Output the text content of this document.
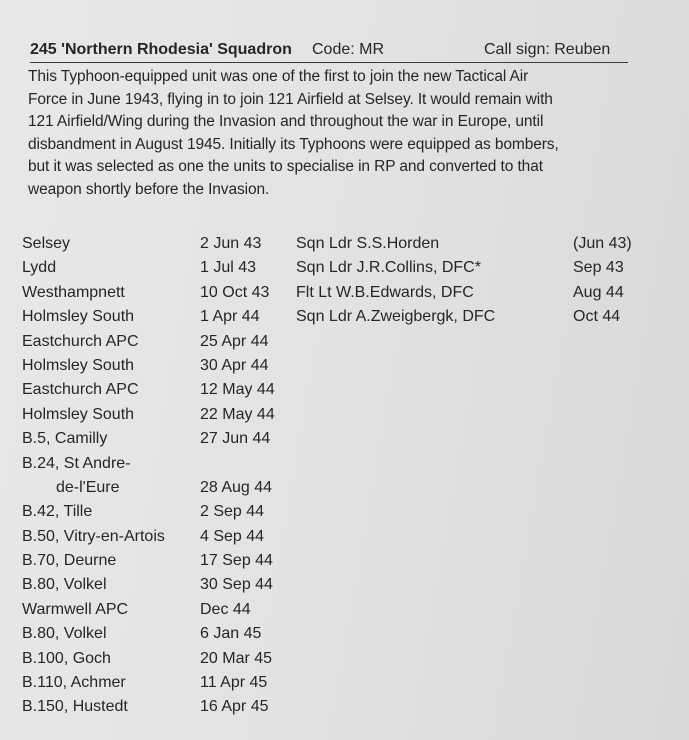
245 'Northern Rhodesia' Squadron Code: MR	Call sign: Reuben
This Typhoon-equipped unit was one of the first to join the new Tactical Air
Force in June 1943, flying in to join 121 Airfield at Selsey. It would remain with
121 Airfield/Wing during the Invasion and throughout the war in Europe, until
disbandment in August 1945. Initially its Typhoons were equipped as bombers,
but it was selected as one the units to specialise in RP and converted to that
weapon shortly before the Invasion.
Selsey	2 Jun 43 Sqn Ldr S.S.Horden	(Jun 43)
Lydd	1 Jul 43 Sqn Ldr J.R.Collins, DFC*	Sep 43
Westhampnett	10 Oct 43 Flt Lt W.B.Edwards, DFC	Aug 44
Holmsley South	1 Apr 44 Sqn Ldr A.Zweigbergk, DFC	Oct 44
Eastchurch APC	25 Apr 44
Holmsley South	30 Apr 44
Eastchurch APC	12 May 44
Holmsley South	22 May 44
B.5, Camilly	27 Jun 44
B.24, St Andre-
de-l'Eure	28 Aug 44
B.42, Tille	2 Sep 44
B.50, Vitry-en-Artois 4 Sep 44
B.70, Deurne	17 Sep 44
B.80, Volkel	30 Sep 44
Warmwell APC	Dec 44
B.80, Volkel	6 Jan 45
B.100, Goch	20 Mar 45
B.110, Achmer	11 Apr 45
B.150, Hustedt	16 Apr 45
